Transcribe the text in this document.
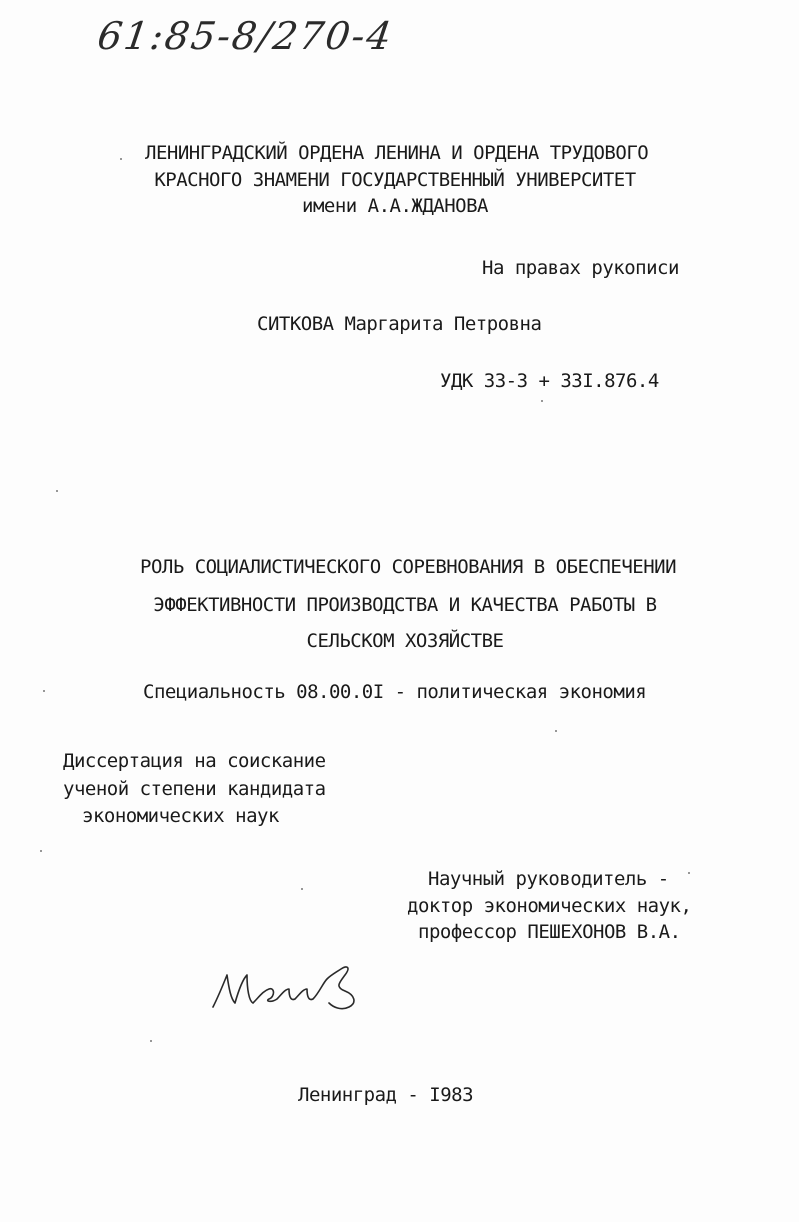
61:85-8/270-4
ЛЕНИНГРАДСКИЙ ОРДЕНА ЛЕНИНА И ОРДЕНА ТРУДОВОГО
КРАСНОГО ЗНАМЕНИ ГОСУДАРСТВЕННЫЙ УНИВЕРСИТЕТ
имени А.А.ЖДАНОВА
На правах рукописи
СИТКОВА Маргарита Петровна
УДК 33-3 + 33I.876.4
РОЛЬ СОЦИАЛИСТИЧЕСКОГО СОРЕВНОВАНИЯ В ОБЕСПЕЧЕНИИ
ЭФФЕКТИВНОСТИ ПРОИЗВОДСТВА И КАЧЕСТВА РАБОТЫ В
СЕЛЬСКОМ ХОЗЯЙСТВЕ
Специальность 08.00.0I - политическая экономия
Диссертация на соискание
ученой степени кандидата
экономических наук
Научный руководитель -
доктор экономических наук,
профессор ПЕШЕХОНОВ В.А.
Ленинград - I983
